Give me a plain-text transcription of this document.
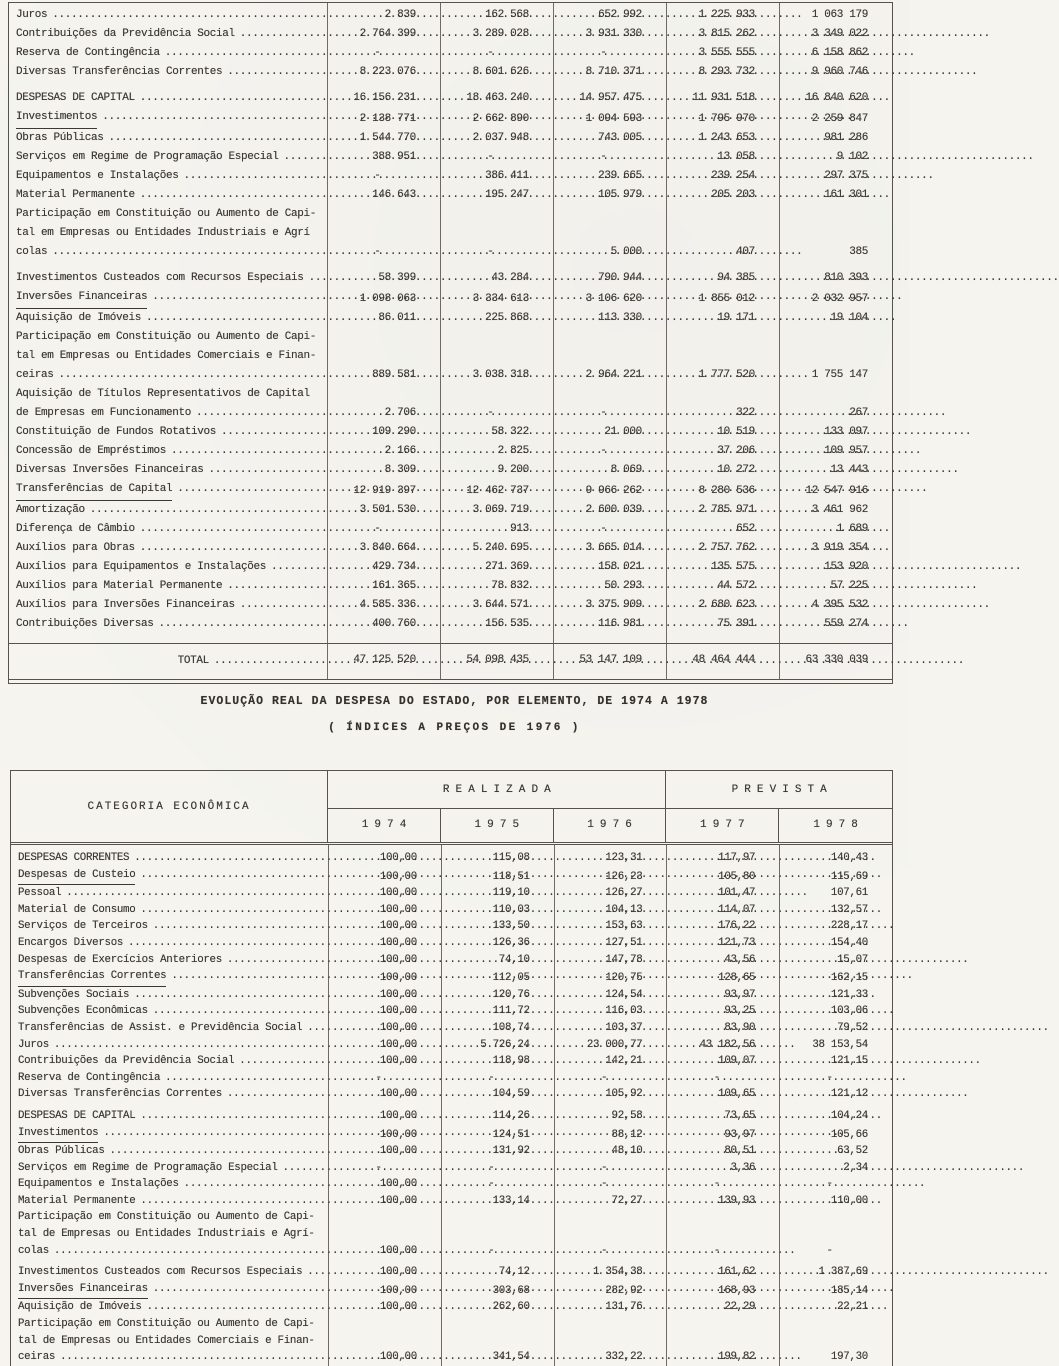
Juros .....	2 839	162 568	652 992	1 225 933	1 063 179
Contribuições da Previdência Social .....	2 764 399	3 289 028	3 931 330	3 815 262	3 349 022
Reserva de Contingência .....	-	-	-	3 555 555	6 158 862
Diversas Transferências Correntes .....	8 223 076	8 601 626	8 710 371	8 293 732	9 960 746
DESPESAS DE CAPITAL .....	16 156 231	18 463 240	14 957 475	11 931 518	16 840 620
Investimentos .....	2 138 771	2 662 890	1 094 593	1 795 970	2 259 847
Obras Públicas .....	1 544 770	2 037 948	743 005	1 243 653	981 286
Serviços em Regime de Programação Especial .....	388 951	-	-	13 058	9 102
Equipamentos e Instalações .....	-	386 411	239 665	239 254	297 375
Material Permanente .....	146 643	195 247	105 979	205 203	161 301
Participação em Constituição ou Aumento de Capi-
tal em Empresas ou Entidades Industriais e Agrí
colas .....	-	-	5 000	407	385
Investimentos Custeados com Recursos Especiais .....	58 399	43 284	790 944	94 385	810 393
Inversões Financeiras .....	1 098 063	3 334 613	3 106 620	1 855 012	2 032 957
Aquisição de Imóveis .....	86 011	225 868	113 330	19 171	19 104
Participação em Constituição ou Aumento de Capi-
tal em Empresas ou Entidades Comerciais e Finan-
ceiras .....	889 581	3 038 318	2 964 221	1 777 520	1 755 147
Aquisição de Títulos Representativos de Capital
de Empresas em Funcionamento .....	2 706	-	-	322	267
Constituição de Fundos Rotativos .....	109 290	58 322	21 000	10 519	133 097
Concessão de Empréstimos .....	2 166	2 825	-	37 206	109 957
Diversas Inversões Financeiras .....	8 309	9 200	8 069	10 272	13 443
Transferências de Capital .....	12 919 397	12 462 737	9 966 262	8 280 536	12 547 916
Amortização .....	3 501 530	3 069 719	2 600 039	2 785 971	3 461 962
Diferença de Câmbio .....	-	913	-	652	1 689
Auxílios para Obras .....	3 840 664	5 240 695	3 665 014	2 757 762	3 919 354
Auxílios para Equipamentos e Instalações .....	429 734	271 369	158 021	135 575	153 920
Auxílios para Material Permanente .....	161 365	78 832	50 293	44 572	57 225
Auxílios para Inversões Financeiras .....	4 585 336	3 644 571	3 375 909	2 680 623	4 395 532
Contribuições Diversas .....	400 760	156 535	116 981	75 391	559 274
TOTAL .....	47 125 520	54 098 435	53 147 109	48 464 444	63 330 039
EVOLUÇÃO REAL DA DESPESA DO ESTADO, POR ELEMENTO, DE 1974 A 1978
( ÍNDICES A PREÇOS DE 1976 )
CATEGORIA ECONÔMICA
REALIZADA	PREVISTA
1974	1975	1976	1977	1978
DESPESAS CORRENTES .....	100,00	115,08	123,31	117,97	140,43
Despesas de Custeio .....	100,00	118,51	126,23	105,80	115,69
Pessoal .....	100,00	119,10	126,27	101,47	107,61
Material de Consumo .....	100,00	110,03	104,13	114,07	132,57
Serviços de Terceiros .....	100,00	133,50	153,63	176,22	228,17
Encargos Diversos .....	100,00	126,36	127,51	121,73	154,40
Despesas de Exercícios Anteriores .....	100,00	74,10	147,78	43,56	15,07
Transferências Correntes .....	100,00	112,05	120,75	128,65	162,15
Subvenções Sociais .....	100,00	120,76	124,54	93,97	121,33
Subvenções Econômicas .....	100,00	111,72	116,03	93,25	103,06
Transferências de Assist. e Previdência Social .....	100,00	108,74	103,37	83,90	79,52
Juros .....	100,00	5 726,24	23 000,77	43 182,56	38 153,54
Contribuições da Previdência Social .....	100,00	118,98	142,21	109,07	121,15
Reserva de Contingência .....	-	-	-	-	-
Diversas Transferências Correntes .....	100,00	104,59	105,92	109,65	121,12
DESPESAS DE CAPITAL .....	100,00	114,26	92,58	73,65	104,24
Investimentos .....	100,00	124,51	88,12	93,97	105,66
Obras Públicas .....	100,00	131,92	48,10	80,51	63,52
Serviços em Regime de Programação Especial .....	-	-	-	3,36	2,34
Equipamentos e Instalações .....	100,00	-	-	-	-
Material Permanente .....	100,00	133,14	72,27	139,93	110,00
Participação em Constituição ou Aumento de Capi-
tal de Empresas ou Entidades Industriais e Agrí-
colas .....	100,00	-	-	-	-
Investimentos Custeados com Recursos Especiais .....	100,00	74,12	1 354,38	161,62	1 387,69
Inversões Financeiras .....	100,00	303,68	282,92	168,93	185,14
Aquisição de Imóveis .....	100,00	262,60	131,76	22,29	22,21
Participação em Constituição ou Aumento de Capi-
tal de Empresas ou Entidades Comerciais e Finan-
ceiras .....	100,00	341,54	332,22	199,82	197,30
